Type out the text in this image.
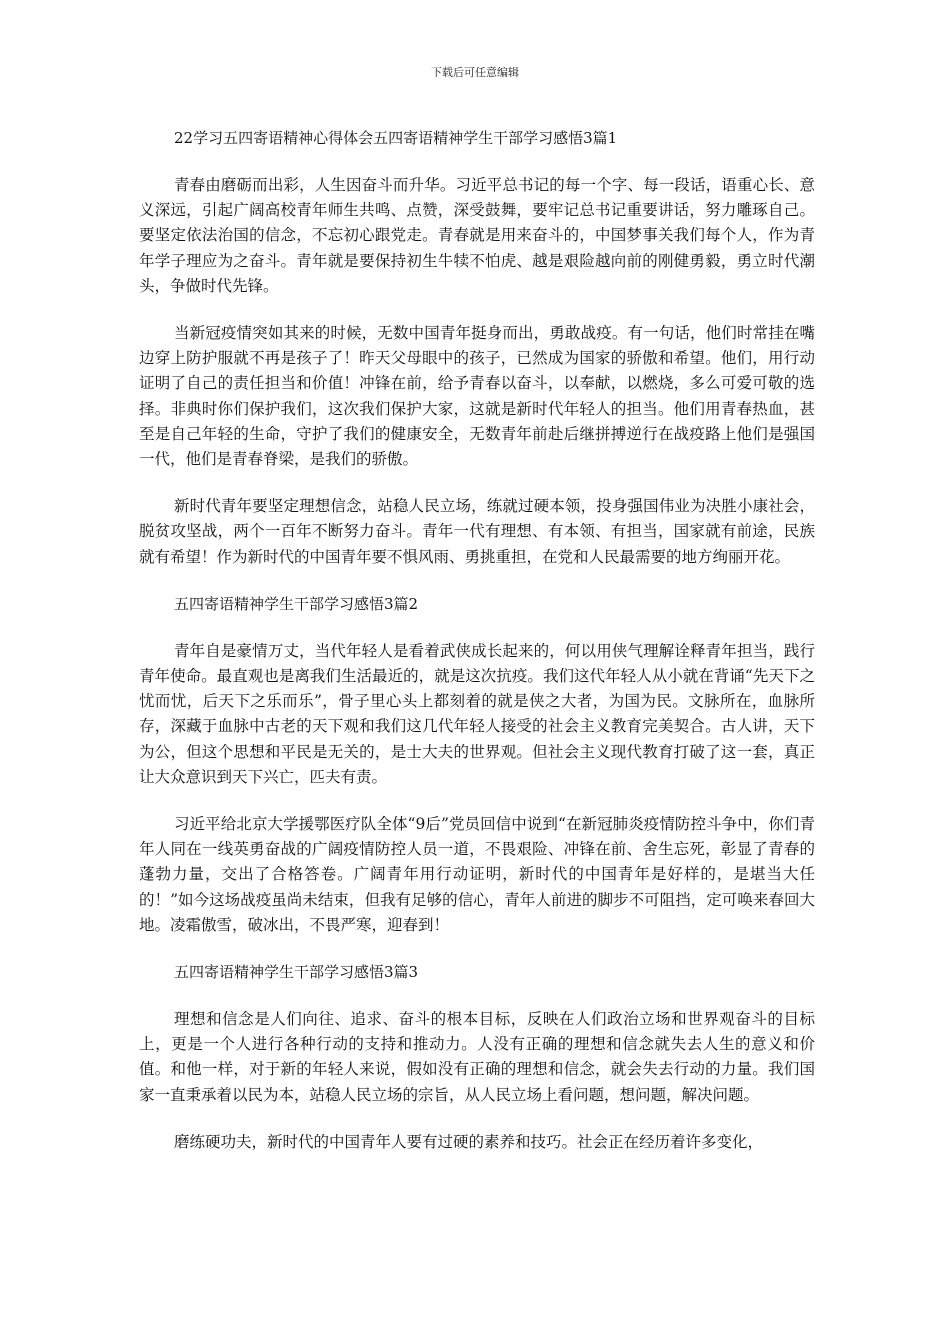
下载后可任意编辑
22学习五四寄语精神心得体会五四寄语精神学生干部学习感悟3篇1

青春由磨砺而出彩，人生因奋斗而升华。习近平总书记的每一个字、每一段话，语重心长、意义深远，引起广阔高校青年师生共鸣、点赞，深受鼓舞，要牢记总书记重要讲话，努力雕琢自己。要坚定依法治国的信念，不忘初心跟党走。青春就是用来奋斗的，中国梦事关我们每个人，作为青年学子理应为之奋斗。青年就是要保持初生牛犊不怕虎、越是艰险越向前的刚健勇毅，勇立时代潮头，争做时代先锋。

当新冠疫情突如其来的时候，无数中国青年挺身而出，勇敢战疫。有一句话，他们时常挂在嘴边穿上防护服就不再是孩子了！昨天父母眼中的孩子，已然成为国家的骄傲和希望。他们，用行动证明了自己的责任担当和价值！冲锋在前，给予青春以奋斗，以奉献，以燃烧，多么可爱可敬的选择。非典时你们保护我们，这次我们保护大家，这就是新时代年轻人的担当。他们用青春热血，甚至是自己年轻的生命，守护了我们的健康安全，无数青年前赴后继拼搏逆行在战疫路上他们是强国一代，他们是青春脊梁，是我们的骄傲。

新时代青年要坚定理想信念，站稳人民立场，练就过硬本领，投身强国伟业为决胜小康社会，脱贫攻坚战，两个一百年不断努力奋斗。青年一代有理想、有本领、有担当，国家就有前途，民族就有希望！作为新时代的中国青年要不惧风雨、勇挑重担，在党和人民最需要的地方绚丽开花。

五四寄语精神学生干部学习感悟3篇2

青年自是豪情万丈，当代年轻人是看着武侠成长起来的，何以用侠气理解诠释青年担当，践行青年使命。最直观也是离我们生活最近的，就是这次抗疫。我们这代年轻人从小就在背诵“先天下之忧而忧，后天下之乐而乐”，骨子里心头上都刻着的就是侠之大者，为国为民。文脉所在，血脉所存，深藏于血脉中古老的天下观和我们这几代年轻人接受的社会主义教育完美契合。古人讲，天下为公，但这个思想和平民是无关的，是士大夫的世界观。但社会主义现代教育打破了这一套，真正让大众意识到天下兴亡，匹夫有责。

习近平给北京大学援鄂医疗队全体“9后”党员回信中说到“在新冠肺炎疫情防控斗争中，你们青年人同在一线英勇奋战的广阔疫情防控人员一道，不畏艰险、冲锋在前、舍生忘死，彰显了青春的蓬勃力量，交出了合格答卷。广阔青年用行动证明，新时代的中国青年是好样的，是堪当大任的！”如今这场战疫虽尚未结束，但我有足够的信心，青年人前进的脚步不可阻挡，定可唤来春回大地。凌霜傲雪，破冰出，不畏严寒，迎春到！

五四寄语精神学生干部学习感悟3篇3

理想和信念是人们向往、追求、奋斗的根本目标，反映在人们政治立场和世界观奋斗的目标上，更是一个人进行各种行动的支持和推动力。人没有正确的理想和信念就失去人生的意义和价值。和他一样，对于新的年轻人来说，假如没有正确的理想和信念，就会失去行动的力量。我们国家一直秉承着以民为本，站稳人民立场的宗旨，从人民立场上看问题，想问题，解决问题。

磨练硬功夫，新时代的中国青年人要有过硬的素养和技巧。社会正在经历着许多变化，
